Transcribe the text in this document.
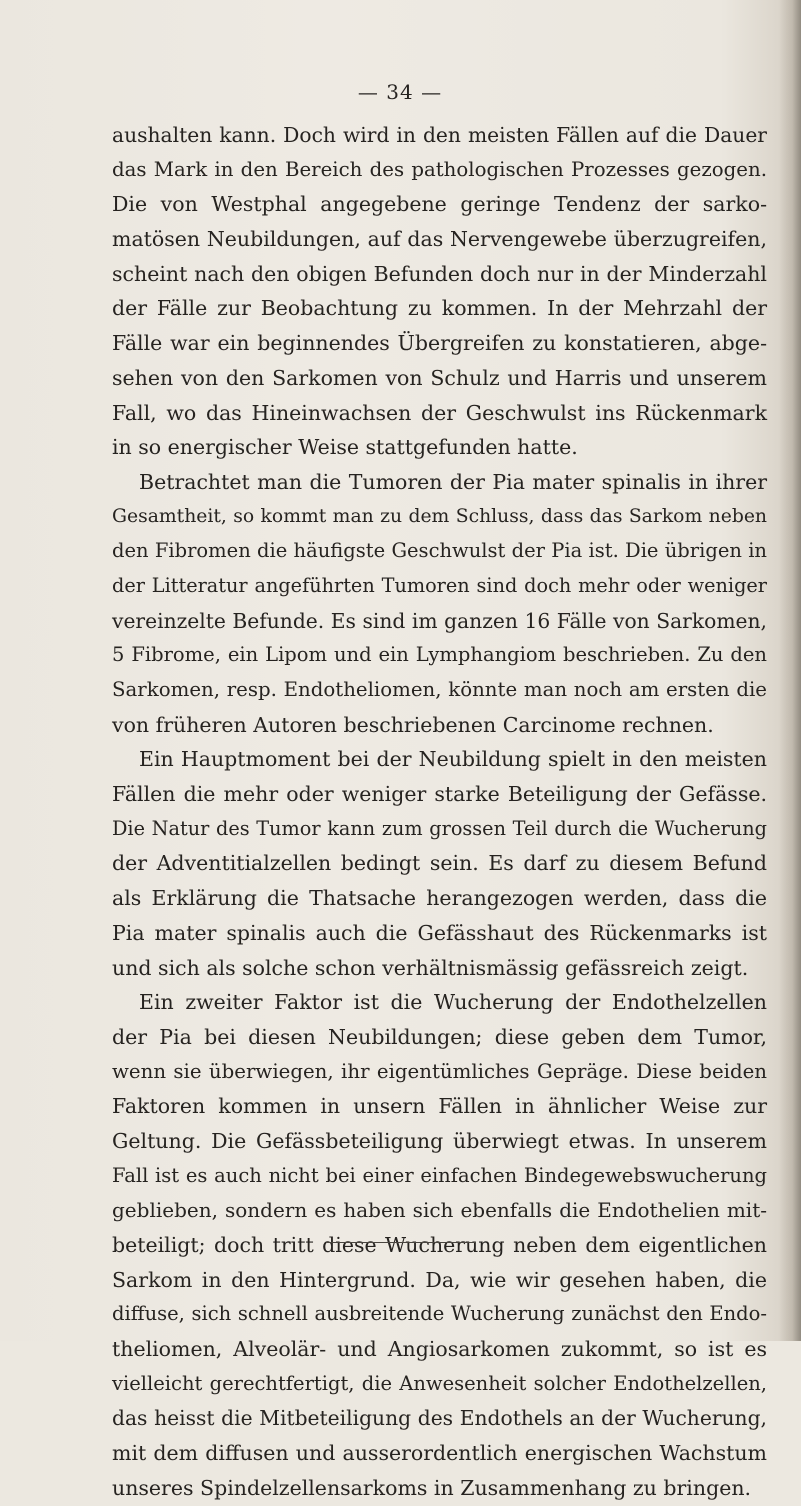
— 34 —
aushalten kann. Doch wird in den meisten Fällen auf die Dauer
das Mark in den Bereich des pathologischen Prozesses gezogen.
Die von Westphal angegebene geringe Tendenz der sarko-
matösen Neubildungen, auf das Nervengewebe überzugreifen,
scheint nach den obigen Befunden doch nur in der Minderzahl
der Fälle zur Beobachtung zu kommen. In der Mehrzahl der
Fälle war ein beginnendes Übergreifen zu konstatieren, abge-
sehen von den Sarkomen von Schulz und Harris und unserem
Fall, wo das Hineinwachsen der Geschwulst ins Rückenmark
in so energischer Weise stattgefunden hatte.
Betrachtet man die Tumoren der Pia mater spinalis in ihrer
Gesamtheit, so kommt man zu dem Schluss, dass das Sarkom neben
den Fibromen die häufigste Geschwulst der Pia ist. Die übrigen in
der Litteratur angeführten Tumoren sind doch mehr oder weniger
vereinzelte Befunde. Es sind im ganzen 16 Fälle von Sarkomen,
5 Fibrome, ein Lipom und ein Lymphangiom beschrieben. Zu den
Sarkomen, resp. Endotheliomen, könnte man noch am ersten die
von früheren Autoren beschriebenen Carcinome rechnen.
Ein Hauptmoment bei der Neubildung spielt in den meisten
Fällen die mehr oder weniger starke Beteiligung der Gefässe.
Die Natur des Tumor kann zum grossen Teil durch die Wucherung
der Adventitialzellen bedingt sein. Es darf zu diesem Befund
als Erklärung die Thatsache herangezogen werden, dass die
Pia mater spinalis auch die Gefässhaut des Rückenmarks ist
und sich als solche schon verhältnismässig gefässreich zeigt.
Ein zweiter Faktor ist die Wucherung der Endothelzellen
der Pia bei diesen Neubildungen; diese geben dem Tumor,
wenn sie überwiegen, ihr eigentümliches Gepräge. Diese beiden
Faktoren kommen in unsern Fällen in ähnlicher Weise zur
Geltung. Die Gefässbeteiligung überwiegt etwas. In unserem
Fall ist es auch nicht bei einer einfachen Bindegewebswucherung
geblieben, sondern es haben sich ebenfalls die Endothelien mit-
beteiligt; doch tritt diese Wucherung neben dem eigentlichen
Sarkom in den Hintergrund. Da, wie wir gesehen haben, die
diffuse, sich schnell ausbreitende Wucherung zunächst den Endo-
theliomen, Alveolär- und Angiosarkomen zukommt, so ist es
vielleicht gerechtfertigt, die Anwesenheit solcher Endothelzellen,
das heisst die Mitbeteiligung des Endothels an der Wucherung,
mit dem diffusen und ausserordentlich energischen Wachstum
unseres Spindelzellensarkoms in Zusammenhang zu bringen.
